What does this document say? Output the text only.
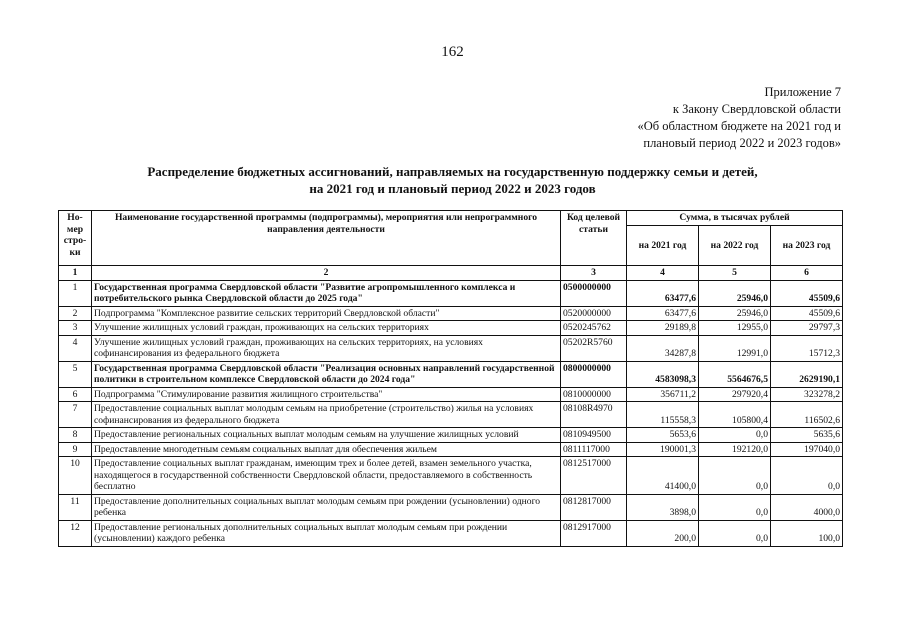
162
Приложение 7
к Закону Свердловской области
«Об областном бюджете на 2021 год и
плановый период 2022 и 2023 годов»
Распределение бюджетных ассигнований, направляемых на государственную поддержку семьи и детей,
на 2021 год и плановый период 2022 и 2023 годов
Но-мер стро-ки	Наименование государственной программы (подпрограммы), мероприятия или непрограммного направления деятельности	Код целевой статьи	Сумма, в тысячах рублей		
			на 2021 год	на 2022 год	на 2023 год
1	2	3	4	5	6
1	Государственная программа Свердловской области "Развитие агропромышленного комплекса и потребительского рынка Свердловской области до 2025 года"	0500000000	63477,6	25946,0	45509,6
2	Подпрограмма "Комплексное развитие сельских территорий Свердловской области"	0520000000	63477,6	25946,0	45509,6
3	Улучшение жилищных условий граждан, проживающих на сельских территориях	0520245762	29189,8	12955,0	29797,3
4	Улучшение жилищных условий граждан, проживающих на сельских территориях, на условиях софинансирования из федерального бюджета	05202R5760	34287,8	12991,0	15712,3
5	Государственная программа Свердловской области "Реализация основных направлений государственной политики в строительном комплексе Свердловской области до 2024 года"	0800000000	4583098,3	5564676,5	2629190,1
6	Подпрограмма "Стимулирование развития жилищного строительства"	0810000000	356711,2	297920,4	323278,2
7	Предоставление социальных выплат молодым семьям на приобретение (строительство) жилья на условиях софинансирования из федерального бюджета	08108R4970	115558,3	105800,4	116502,6
8	Предоставление региональных социальных выплат молодым семьям на улучшение жилищных условий	0810949500	5653,6	0,0	5635,6
9	Предоставление многодетным семьям социальных выплат для обеспечения жильем	0811117000	190001,3	192120,0	197040,0
10	Предоставление социальных выплат гражданам, имеющим трех и более детей, взамен земельного участка, находящегося в государственной собственности Свердловской области, предоставляемого в собственность бесплатно	0812517000	41400,0	0,0	0,0
11	Предоставление дополнительных социальных выплат молодым семьям при рождении (усыновлении) одного ребенка	0812817000	3898,0	0,0	4000,0
12	Предоставление региональных дополнительных социальных выплат молодым семьям при рождении (усыновлении) каждого ребенка	0812917000	200,0	0,0	100,0
